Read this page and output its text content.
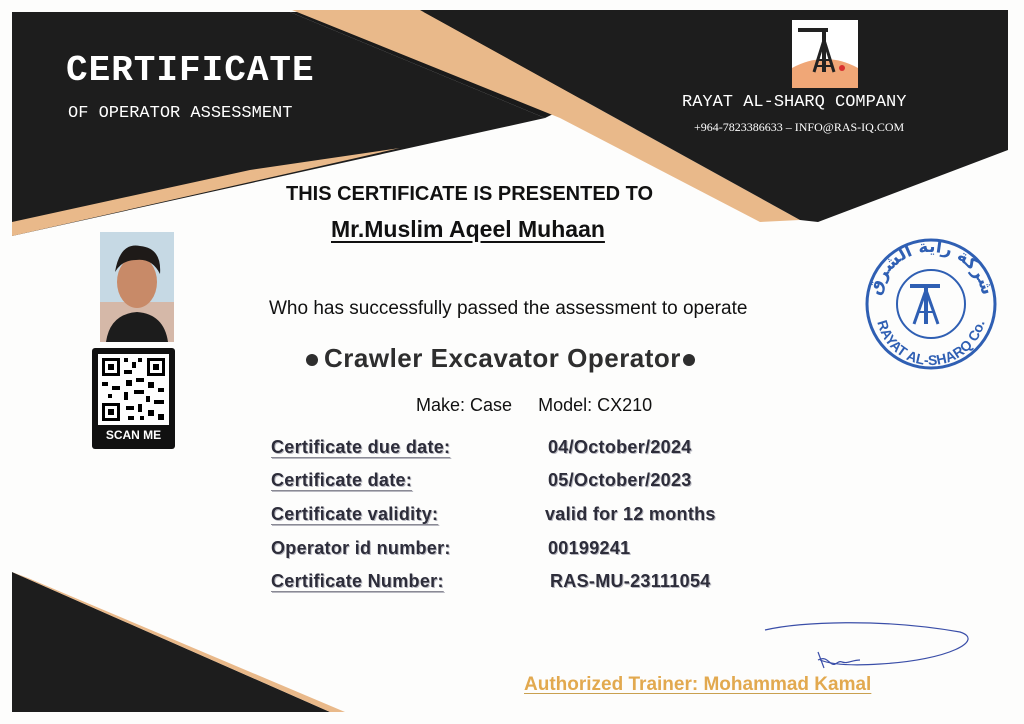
CERTIFICATE
OF OPERATOR ASSESSMENT
RAYAT AL-SHARQ COMPANY
+964-7823386633 – INFO@RAS-IQ.COM
THIS CERTIFICATE IS PRESENTED TO
Mr.Muslim Aqeel Muhaan
Who has successfully passed the assessment to operate
Crawler Excavator Operator
Make: Case Model: CX210
Certificate due date:	04/October/2024
Certificate date:	05/October/2023
Certificate validity:	valid for 12 months
Operator id number:	00199241
Certificate Number:	RAS-MU-23111054
SCAN ME
شركة راية الشرق
RAYAT AL-SHARQ Co.
Authorized Trainer: Mohammad Kamal
